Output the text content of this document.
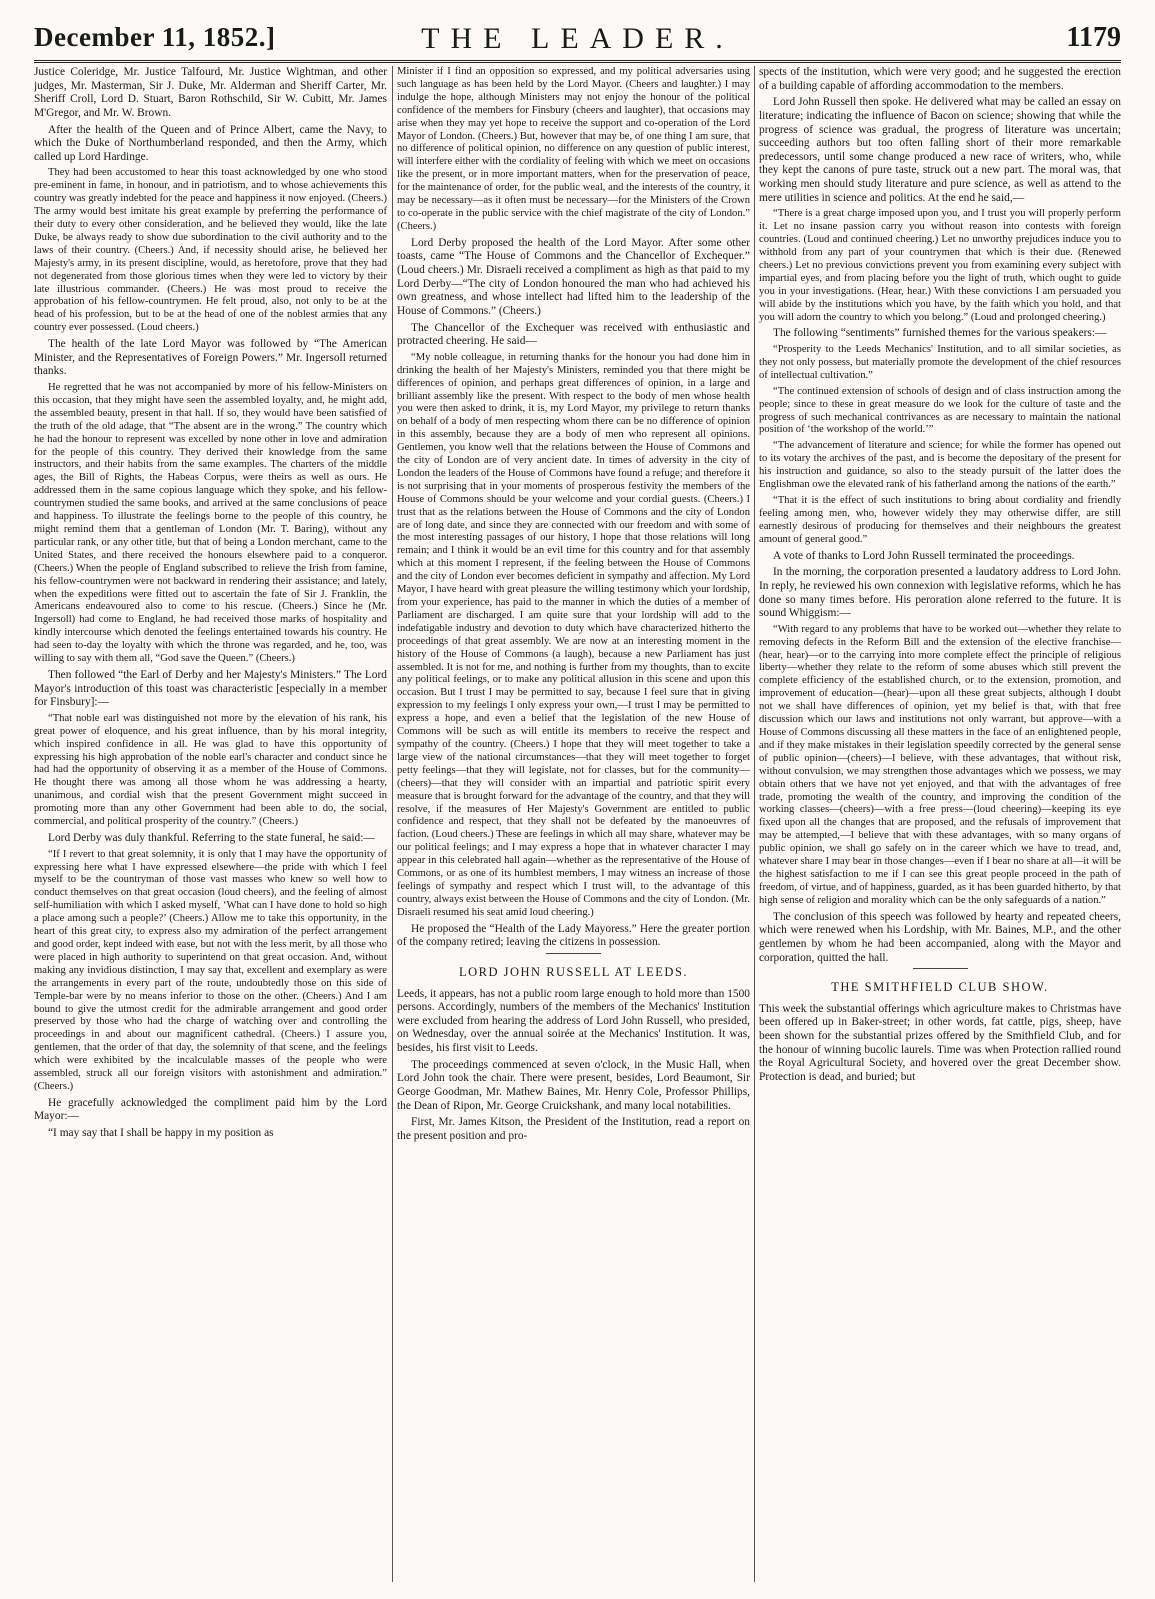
December 11, 1852.]	THE LEADER.	1179

Justice Coleridge, Mr. Justice Talfourd, Mr. Justice Wightman, and other judges, Mr. Masterman, Sir J. Duke, Mr. Alderman and Sheriff Carter, Mr. Sheriff Croll, Lord D. Stuart, Baron Rothschild, Sir W. Cubitt, Mr. James M'Gregor, and Mr. W. Brown.

After the health of the Queen and of Prince Albert, came the Navy, to which the Duke of Northumberland responded, and then the Army, which called up Lord Hardinge.

They had been accustomed to hear this toast acknowledged by one who stood pre-eminent in fame, in honour, and in patriotism, and to whose achievements this country was greatly indebted for the peace and happiness it now enjoyed. (Cheers.) The army would best imitate his great example by preferring the performance of their duty to every other consideration, and he believed they would, like the late Duke, be always ready to show due subordination to the civil authority and to the laws of their country. (Cheers.) And, if necessity should arise, he believed her Majesty's army, in its present discipline, would, as heretofore, prove that they had not degenerated from those glorious times when they were led to victory by their late illustrious commander. (Cheers.) He was most proud to receive the approbation of his fellow-countrymen. He felt proud, also, not only to be at the head of his profession, but to be at the head of one of the noblest armies that any country ever possessed. (Loud cheers.)

The health of the late Lord Mayor was followed by “The American Minister, and the Representatives of Foreign Powers.” Mr. Ingersoll returned thanks.

He regretted that he was not accompanied by more of his fellow-Ministers on this occasion, that they might have seen the assembled loyalty, and, he might add, the assembled beauty, present in that hall. If so, they would have been satisfied of the truth of the old adage, that “The absent are in the wrong.” The country which he had the honour to represent was excelled by none other in love and admiration for the people of this country. They derived their knowledge from the same instructors, and their habits from the same examples. The charters of the middle ages, the Bill of Rights, the Habeas Corpus, were theirs as well as ours. He addressed them in the same copious language which they spoke, and his fellow-countrymen studied the same books, and arrived at the same conclusions of peace and happiness. To illustrate the feelings borne to the people of this country, he might remind them that a gentleman of London (Mr. T. Baring), without any particular rank, or any other title, but that of being a London merchant, came to the United States, and there received the honours elsewhere paid to a conqueror. (Cheers.) When the people of England subscribed to relieve the Irish from famine, his fellow-countrymen were not backward in rendering their assistance; and lately, when the expeditions were fitted out to ascertain the fate of Sir J. Franklin, the Americans endeavoured also to come to his rescue. (Cheers.) Since he (Mr. Ingersoll) had come to England, he had received those marks of hospitality and kindly intercourse which denoted the feelings entertained towards his country. He had seen to-day the loyalty with which the throne was regarded, and he, too, was willing to say with them all, “God save the Queen.” (Cheers.)

Then followed “the Earl of Derby and her Majesty's Ministers.” The Lord Mayor's introduction of this toast was characteristic [especially in a member for Finsbury]:—

“That noble earl was distinguished not more by the elevation of his rank, his great power of eloquence, and his great influence, than by his moral integrity, which inspired confidence in all. He was glad to have this opportunity of expressing his high approbation of the noble earl's character and conduct since he had had the opportunity of observing it as a member of the House of Commons. He thought there was among all those whom he was addressing a hearty, unanimous, and cordial wish that the present Government might succeed in promoting more than any other Government had been able to do, the social, commercial, and political prosperity of the country.” (Cheers.)

Lord Derby was duly thankful. Referring to the state funeral, he said:—

“If I revert to that great solemnity, it is only that I may have the opportunity of expressing here what I have expressed elsewhere—the pride with which I feel myself to be the countryman of those vast masses who knew so well how to conduct themselves on that great occasion (loud cheers), and the feeling of almost self-humiliation with which I asked myself, ‘What can I have done to hold so high a place among such a people?’ (Cheers.) Allow me to take this opportunity, in the heart of this great city, to express also my admiration of the perfect arrangement and good order, kept indeed with ease, but not with the less merit, by all those who were placed in high authority to superintend on that great occasion. And, without making any invidious distinction, I may say that, excellent and exemplary as were the arrangements in every part of the route, undoubtedly those on this side of Temple-bar were by no means inferior to those on the other. (Cheers.) And I am bound to give the utmost credit for the admirable arrangement and good order preserved by those who had the charge of watching over and controlling the proceedings in and about our magnificent cathedral. (Cheers.) I assure you, gentlemen, that the order of that day, the solemnity of that scene, and the feelings which were exhibited by the incalculable masses of the people who were assembled, struck all our foreign visitors with astonishment and admiration.” (Cheers.)

He gracefully acknowledged the compliment paid him by the Lord Mayor:—

“I may say that I shall be happy in my position as

Minister if I find an opposition so expressed, and my political adversaries using such language as has been held by the Lord Mayor. (Cheers and laughter.) I may indulge the hope, although Ministers may not enjoy the honour of the political confidence of the members for Finsbury (cheers and laughter), that occasions may arise when they may yet hope to receive the support and co-operation of the Lord Mayor of London. (Cheers.) But, however that may be, of one thing I am sure, that no difference of political opinion, no difference on any question of public interest, will interfere either with the cordiality of feeling with which we meet on occasions like the present, or in more important matters, when for the preservation of peace, for the maintenance of order, for the public weal, and the interests of the country, it may be necessary—as it often must be necessary—for the Ministers of the Crown to co-operate in the public service with the chief magistrate of the city of London.” (Cheers.)

Lord Derby proposed the health of the Lord Mayor. After some other toasts, came “The House of Commons and the Chancellor of Exchequer.” (Loud cheers.) Mr. Disraeli received a compliment as high as that paid to my Lord Derby—“The city of London honoured the man who had achieved his own greatness, and whose intellect had lifted him to the leadership of the House of Commons.” (Cheers.)

The Chancellor of the Exchequer was received with enthusiastic and protracted cheering. He said—

“My noble colleague, in returning thanks for the honour you had done him in drinking the health of her Majesty's Ministers, reminded you that there might be differences of opinion, and perhaps great differences of opinion, in a large and brilliant assembly like the present. With respect to the body of men whose health you were then asked to drink, it is, my Lord Mayor, my privilege to return thanks on behalf of a body of men respecting whom there can be no difference of opinion in this assembly, because they are a body of men who represent all opinions. Gentlemen, you know well that the relations between the House of Commons and the city of London are of very ancient date. In times of adversity in the city of London the leaders of the House of Commons have found a refuge; and therefore it is not surprising that in your moments of prosperous festivity the members of the House of Commons should be your welcome and your cordial guests. (Cheers.) I trust that as the relations between the House of Commons and the city of London are of long date, and since they are connected with our freedom and with some of the most interesting passages of our history, I hope that those relations will long remain; and I think it would be an evil time for this country and for that assembly which at this moment I represent, if the feeling between the House of Commons and the city of London ever becomes deficient in sympathy and affection. My Lord Mayor, I have heard with great pleasure the willing testimony which your lordship, from your experience, has paid to the manner in which the duties of a member of Parliament are discharged. I am quite sure that your lordship will add to the indefatigable industry and devotion to duty which have characterized hitherto the proceedings of that great assembly. We are now at an interesting moment in the history of the House of Commons (a laugh), because a new Parliament has just assembled. It is not for me, and nothing is further from my thoughts, than to excite any political feelings, or to make any political allusion in this scene and upon this occasion. But I trust I may be permitted to say, because I feel sure that in giving expression to my feelings I only express your own,—I trust I may be permitted to express a hope, and even a belief that the legislation of the new House of Commons will be such as will entitle its members to receive the respect and sympathy of the country. (Cheers.) I hope that they will meet together to take a large view of the national circumstances—that they will meet together to forget petty feelings—that they will legislate, not for classes, but for the community—(cheers)—that they will consider with an impartial and patriotic spirit every measure that is brought forward for the advantage of the country, and that they will resolve, if the measures of Her Majesty's Government are entitled to public confidence and respect, that they shall not be defeated by the manoeuvres of faction. (Loud cheers.) These are feelings in which all may share, whatever may be our political feelings; and I may express a hope that in whatever character I may appear in this celebrated hall again—whether as the representative of the House of Commons, or as one of its humblest members, I may witness an increase of those feelings of sympathy and respect which I trust will, to the advantage of this country, always exist between the House of Commons and the city of London. (Mr. Disraeli resumed his seat amid loud cheering.)

He proposed the “Health of the Lady Mayoress.” Here the greater portion of the company retired; leaving the citizens in possession.

LORD JOHN RUSSELL AT LEEDS.

Leeds, it appears, has not a public room large enough to hold more than 1500 persons. Accordingly, numbers of the members of the Mechanics' Institution were excluded from hearing the address of Lord John Russell, who presided, on Wednesday, over the annual soirée at the Mechanics' Institution. It was, besides, his first visit to Leeds.

The proceedings commenced at seven o'clock, in the Music Hall, when Lord John took the chair. There were present, besides, Lord Beaumont, Sir George Goodman, Mr. Mathew Baines, Mr. Henry Cole, Professor Phillips, the Dean of Ripon, Mr. George Cruickshank, and many local notabilities.

First, Mr. James Kitson, the President of the Institution, read a report on the present position and pro-

spects of the institution, which were very good; and he suggested the erection of a building capable of affording accommodation to the members.

Lord John Russell then spoke. He delivered what may be called an essay on literature; indicating the influence of Bacon on science; showing that while the progress of science was gradual, the progress of literature was uncertain; succeeding authors but too often falling short of their more remarkable predecessors, until some change produced a new race of writers, who, while they kept the canons of pure taste, struck out a new part. The moral was, that working men should study literature and pure science, as well as attend to the mere utilities in science and politics. At the end he said,—

“There is a great charge imposed upon you, and I trust you will properly perform it. Let no insane passion carry you without reason into contests with foreign countries. (Loud and continued cheering.) Let no unworthy prejudices induce you to withhold from any part of your countrymen that which is their due. (Renewed cheers.) Let no previous convictions prevent you from examining every subject with impartial eyes, and from placing before you the light of truth, which ought to guide you in your investigations. (Hear, hear.) With these convictions I am persuaded you will abide by the institutions which you have, by the faith which you hold, and that you will adorn the country to which you belong.” (Loud and prolonged cheering.)

The following “sentiments” furnished themes for the various speakers:—

“Prosperity to the Leeds Mechanics' Institution, and to all similar societies, as they not only possess, but materially promote the development of the chief resources of intellectual cultivation.”

“The continued extension of schools of design and of class instruction among the people; since to these in great measure do we look for the culture of taste and the progress of such mechanical contrivances as are necessary to maintain the national position of ‘the workshop of the world.’”

“The advancement of literature and science; for while the former has opened out to its votary the archives of the past, and is become the depositary of the present for his instruction and guidance, so also to the steady pursuit of the latter does the Englishman owe the elevated rank of his fatherland among the nations of the earth.”

“That it is the effect of such institutions to bring about cordiality and friendly feeling among men, who, however widely they may otherwise differ, are still earnestly desirous of producing for themselves and their neighbours the greatest amount of general good.”

A vote of thanks to Lord John Russell terminated the proceedings.

In the morning, the corporation presented a laudatory address to Lord John. In reply, he reviewed his own connexion with legislative reforms, which he has done so many times before. His peroration alone referred to the future. It is sound Whiggism:—

“With regard to any problems that have to be worked out—whether they relate to removing defects in the Reform Bill and the extension of the elective franchise—(hear, hear)—or to the carrying into more complete effect the principle of religious liberty—whether they relate to the reform of some abuses which still prevent the complete efficiency of the established church, or to the extension, promotion, and improvement of education—(hear)—upon all these great subjects, although I doubt not we shall have differences of opinion, yet my belief is that, with that free discussion which our laws and institutions not only warrant, but approve—with a House of Commons discussing all these matters in the face of an enlightened people, and if they make mistakes in their legislation speedily corrected by the general sense of public opinion—(cheers)—I believe, with these advantages, that without risk, without convulsion, we may strengthen those advantages which we possess, we may obtain others that we have not yet enjoyed, and that with the advantages of free trade, promoting the wealth of the country, and improving the condition of the working classes—(cheers)—with a free press—(loud cheering)—keeping its eye fixed upon all the changes that are proposed, and the refusals of improvement that may be attempted,—I believe that with these advantages, with so many organs of public opinion, we shall go safely on in the career which we have to tread, and, whatever share I may bear in those changes—even if I bear no share at all—it will be the highest satisfaction to me if I can see this great people proceed in the path of freedom, of virtue, and of happiness, guarded, as it has been guarded hitherto, by that high sense of religion and morality which can be the only safeguards of a nation.”

The conclusion of this speech was followed by hearty and repeated cheers, which were renewed when his Lordship, with Mr. Baines, M.P., and the other gentlemen by whom he had been accompanied, along with the Mayor and corporation, quitted the hall.

THE SMITHFIELD CLUB SHOW.

This week the substantial offerings which agriculture makes to Christmas have been offered up in Baker-street; in other words, fat cattle, pigs, sheep, have been shown for the substantial prizes offered by the Smithfield Club, and for the honour of winning bucolic laurels. Time was when Protection rallied round the Royal Agricultural Society, and hovered over the great December show. Protection is dead, and buried; but
